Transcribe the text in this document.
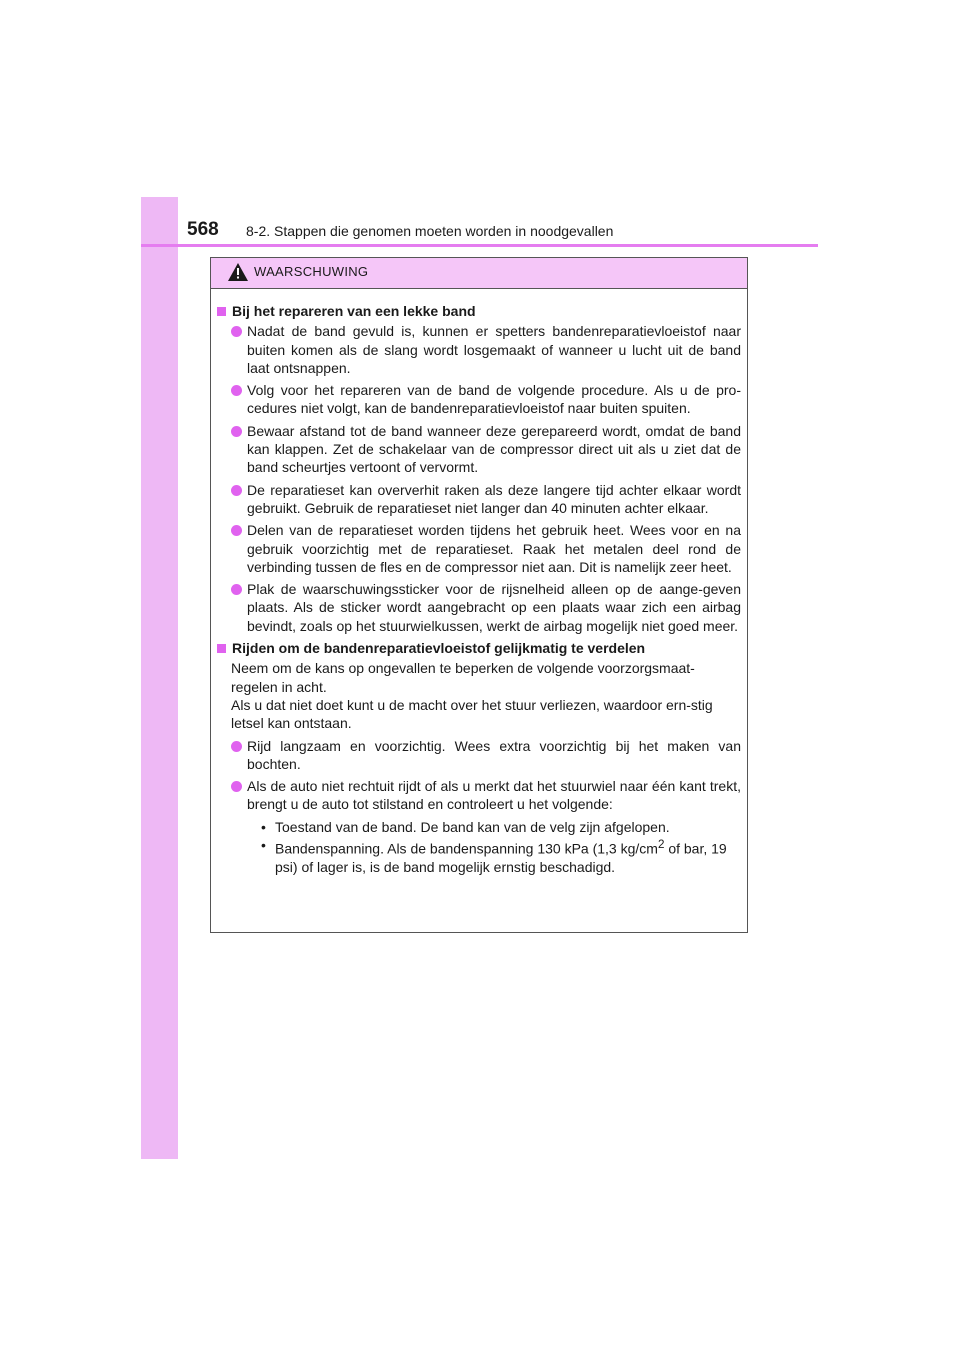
568 8-2. Stappen die genomen moeten worden in noodgevallen
WAARSCHUWING
Bij het repareren van een lekke band
Nadat de band gevuld is, kunnen er spetters bandenreparatievloeistof naar buiten komen als de slang wordt losgemaakt of wanneer u lucht uit de band laat ontsnappen.
Volg voor het repareren van de band de volgende procedure. Als u de pro-cedures niet volgt, kan de bandenreparatievloeistof naar buiten spuiten.
Bewaar afstand tot de band wanneer deze gerepareerd wordt, omdat de band kan klappen. Zet de schakelaar van de compressor direct uit als u ziet dat de band scheurtjes vertoont of vervormt.
De reparatieset kan oververhit raken als deze langere tijd achter elkaar wordt gebruikt. Gebruik de reparatieset niet langer dan 40 minuten achter elkaar.
Delen van de reparatieset worden tijdens het gebruik heet. Wees voor en na gebruik voorzichtig met de reparatieset. Raak het metalen deel rond de verbinding tussen de fles en de compressor niet aan. Dit is namelijk zeer heet.
Plak de waarschuwingssticker voor de rijsnelheid alleen op de aange-geven plaats. Als de sticker wordt aangebracht op een plaats waar zich een airbag bevindt, zoals op het stuurwielkussen, werkt de airbag mogelijk niet goed meer.
Rijden om de bandenreparatievloeistof gelijkmatig te verdelen
Neem om de kans op ongevallen te beperken de volgende voorzorgsmaat-regelen in acht.
Als u dat niet doet kunt u de macht over het stuur verliezen, waardoor ern-stig letsel kan ontstaan.
Rijd langzaam en voorzichtig. Wees extra voorzichtig bij het maken van bochten.
Als de auto niet rechtuit rijdt of als u merkt dat het stuurwiel naar één kant trekt, brengt u de auto tot stilstand en controleert u het volgende:
• Toestand van de band. De band kan van de velg zijn afgelopen.
• Bandenspanning. Als de bandenspanning 130 kPa (1,3 $kg/cm^2$ of bar, 19 psi) of lager is, is de band mogelijk ernstig beschadigd.
